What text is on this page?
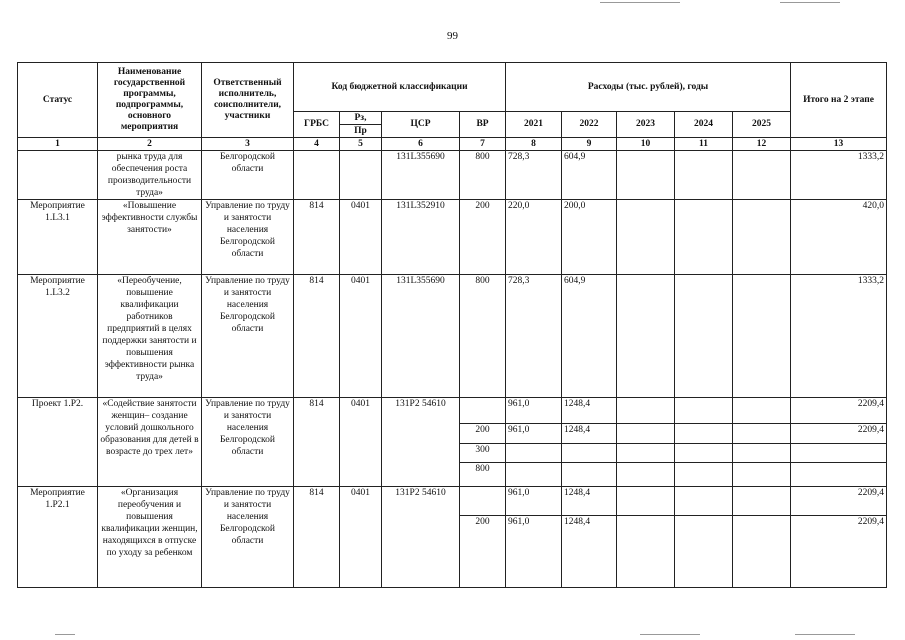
99
Статус	Наименование государственной программы, подпрограммы, основного мероприятия	Ответственный исполнитель, соисполнители, участники	Код бюджетной классификации				Расходы (тыс. рублей), годы					Итого на 2 этапе
			ГРБС	Рз,	ЦСР	ВР	2021	2022	2023	2024	2025	
				Пр								
1	2	3	4	5	6	7	8	9	10	11	12	13
	рынка труда для обеспечения роста производительности труда»	Белгородской области			131L355690	800	728,3	604,9				1333,2
Мероприятие 1.L3.1	«Повышение эффективности службы занятости»	Управление по труду и занятости населения Белгородской области	814	0401	131L352910	200	220,0	200,0				420,0
Мероприятие 1.L3.2	«Переобучение, повышение квалификации работников предприятий в целях поддержки занятости и повышения эффективности рынка труда»	Управление по труду и занятости населения Белгородской области	814	0401	131L355690	800	728,3	604,9				1333,2
Проект 1.P2.	«Содействие занятости женщин– создание условий дошкольного образования для детей в возрасте до трех лет»	Управление по труду и занятости населения Белгородской области	814	0401	131P2 54610		961,0	1248,4				2209,4
						200	961,0	1248,4				2209,4
						300						
						800						
Мероприятие 1.P2.1	«Организация переобучения и повышения квалификации женщин, находящихся в отпуске по уходу за ребенком	Управление по труду и занятости населения Белгородской области	814	0401	131P2 54610		961,0	1248,4				2209,4
						200	961,0	1248,4				2209,4
